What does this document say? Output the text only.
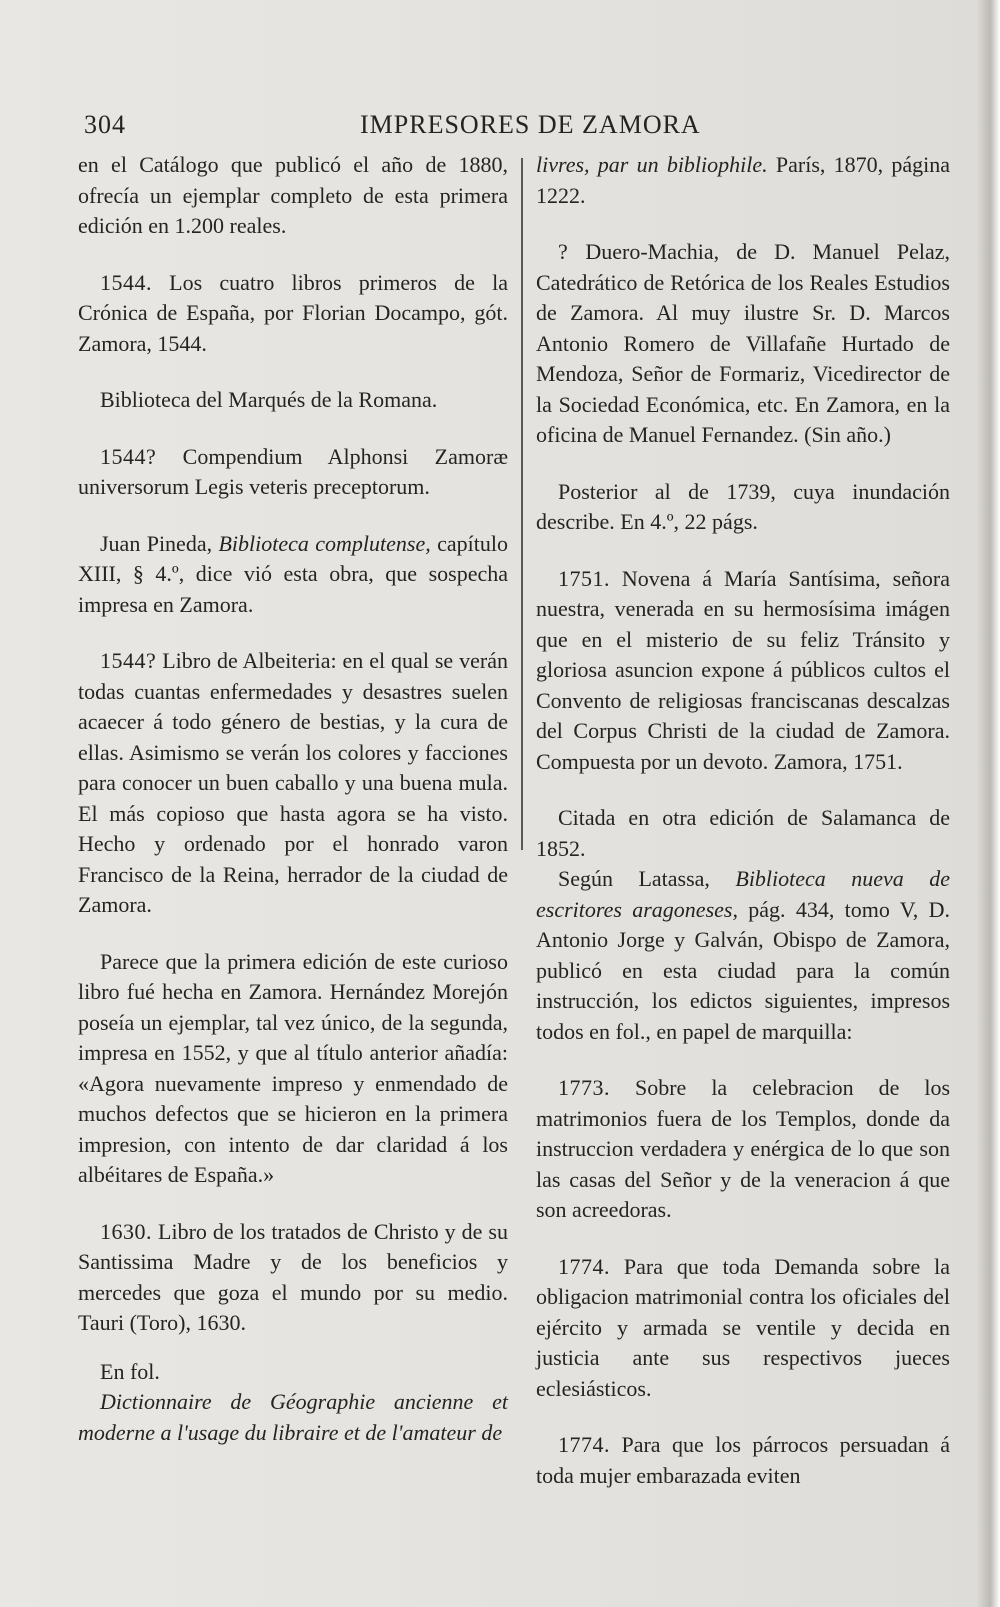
304	IMPRESORES DE ZAMORA

en el Catálogo que publicó el año de 1880, ofrecía un ejemplar completo de esta primera edición en 1.200 reales.

1544. Los cuatro libros primeros de la Crónica de España, por Florian Docampo, gót. Zamora, 1544.

Biblioteca del Marqués de la Romana.

1544? Compendium Alphonsi Zamoræ universorum Legis veteris preceptorum.

Juan Pineda, Biblioteca complutense, capítulo XIII, § 4.º, dice vió esta obra, que sospecha impresa en Zamora.

1544? Libro de Albeiteria: en el qual se verán todas cuantas enfermedades y desastres suelen acaecer á todo género de bestias, y la cura de ellas. Asimismo se verán los colores y facciones para conocer un buen caballo y una buena mula. El más copioso que hasta agora se ha visto. Hecho y ordenado por el honrado varon Francisco de la Reina, herrador de la ciudad de Zamora.

Parece que la primera edición de este curioso libro fué hecha en Zamora. Hernández Morejón poseía un ejemplar, tal vez único, de la segunda, impresa en 1552, y que al título anterior añadía: «Agora nuevamente impreso y enmendado de muchos defectos que se hicieron en la primera impresion, con intento de dar claridad á los albéitares de España.»

1630. Libro de los tratados de Christo y de su Santissima Madre y de los beneficios y mercedes que goza el mundo por su medio. Tauri (Toro), 1630.

En fol.

Dictionnaire de Géographie ancienne et moderne a l'usage du libraire et de l'amateur de

livres, par un bibliophile. París, 1870, página 1222.

? Duero-Machia, de D. Manuel Pelaz, Catedrático de Retórica de los Reales Estudios de Zamora. Al muy ilustre Sr. D. Marcos Antonio Romero de Villafañe Hurtado de Mendoza, Señor de Formariz, Vicedirector de la Sociedad Económica, etc. En Zamora, en la oficina de Manuel Fernandez. (Sin año.)

Posterior al de 1739, cuya inundación describe. En 4.º, 22 págs.

1751. Novena á María Santísima, señora nuestra, venerada en su hermosísima imágen que en el misterio de su feliz Tránsito y gloriosa asuncion expone á públicos cultos el Convento de religiosas franciscanas descalzas del Corpus Christi de la ciudad de Zamora. Compuesta por un devoto. Zamora, 1751.

Citada en otra edición de Salamanca de 1852.

Según Latassa, Biblioteca nueva de escritores aragoneses, pág. 434, tomo V, D. Antonio Jorge y Galván, Obispo de Zamora, publicó en esta ciudad para la común instrucción, los edictos siguientes, impresos todos en fol., en papel de marquilla:

1773. Sobre la celebracion de los matrimonios fuera de los Templos, donde da instruccion verdadera y enérgica de lo que son las casas del Señor y de la veneracion á que son acreedoras.

1774. Para que toda Demanda sobre la obligacion matrimonial contra los oficiales del ejército y armada se ventile y decida en justicia ante sus respectivos jueces eclesiásticos.

1774. Para que los párrocos persuadan á toda mujer embarazada eviten
